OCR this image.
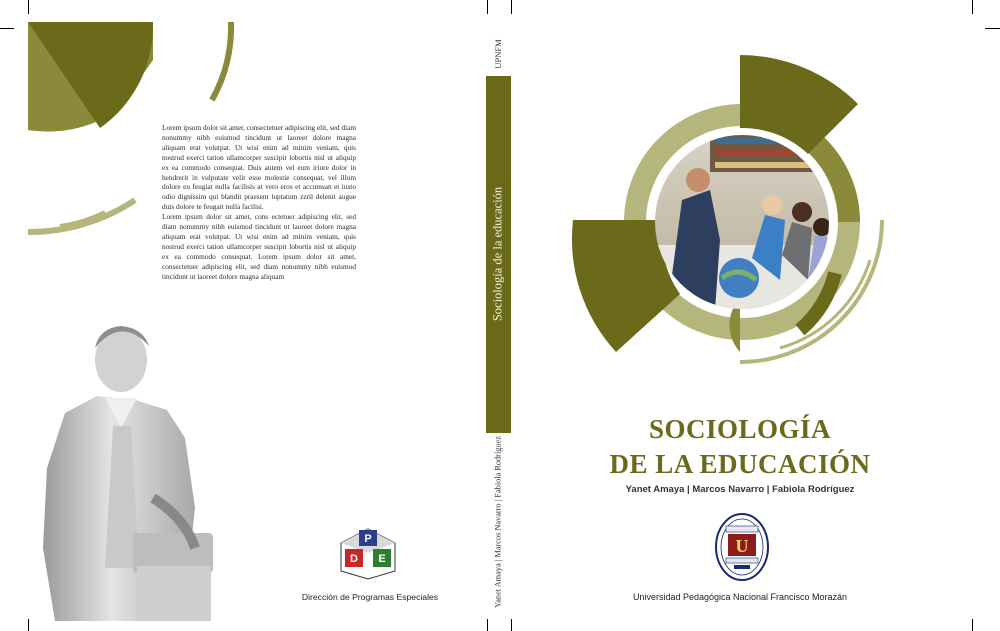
Lorem ipsum dolor sit amet, consectetuer adipiscing elit, sed diam nonummy nibh euismod tincidunt ut laoreet dolore magna aliquam erat volutpat. Ut wisi enim ad minim veniam, quis nostrud exerci tation ullamcorper suscipit lobortis nisl ut aliquip ex ea commodo consequat. Duis autem vel eum iriure dolor in hendrerit in vulputate velit esse molestie consequat, vel illum dolore eu feugiat nulla facilisis at vero eros et accumsan et iusto odio dignissim qui blandit praesent luptatum zzril delenit augue duis dolore te feugait nulla facilisi.

Lorem ipsum dolor sit amet, cons ectetuer adipiscing elit, sed diam nonummy nibh euismod tincidunt ut laoreet dolore magna aliquam erat volutpat. Ut wisi enim ad minim veniam, quis nostrud exerci tation ullamcorper suscipit lobortis nisl ut aliquip ex ea commodo consequat. Lorem ipsum dolor sit amet, consectetuer adipiscing elit, sed diam nonummy nibh euismod tincidunt ut laoreet dolore magna aliquam

P
D E
Dirección de Programas Especiales
UPNFM
Sociología de la educación
Yanet Amaya | Marcos Navarro | Fabiola Rodríguez
SOCIOLOGÍA
DE LA EDUCACIÓN
Yanet Amaya | Marcos Navarro | Fabiola Rodríguez
U
Universidad Pedagógica Nacional Francisco Morazán
